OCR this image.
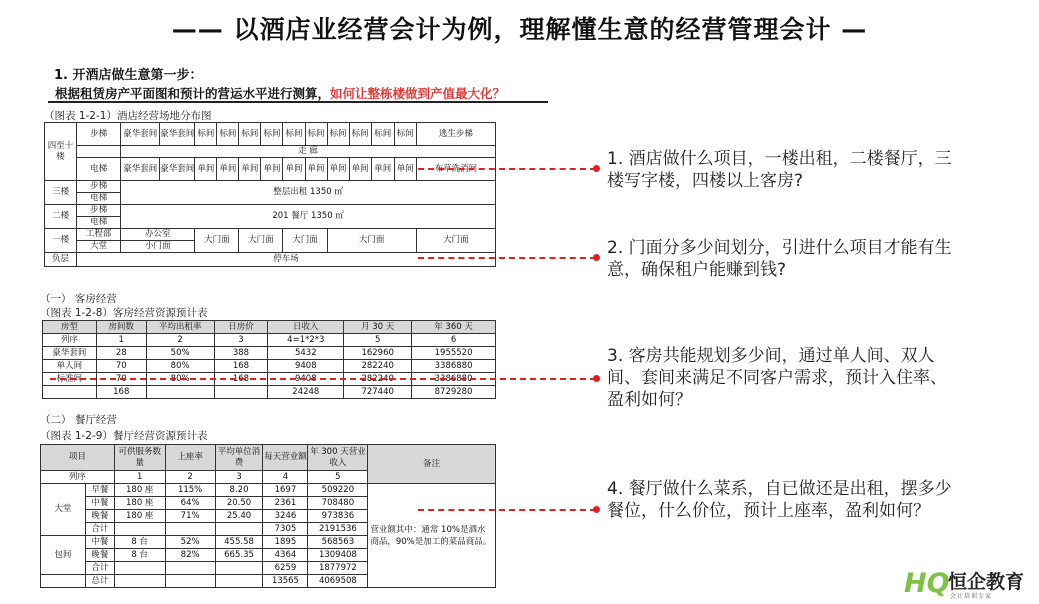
—— 以酒店业经营会计为例，理解懂生意的经营管理会计 —
1. 开酒店做生意第一步：
根据租赁房产平面图和预计的营运水平进行测算，如何让整栋楼做到产值最大化？
（图表 1-2-1）酒店经营场地分布图
四至十楼	步梯	豪华套间	豪华套间	标间	标间	标间	标间	标间	标间	标间	标间	标间	标间	逃生步梯
		走 廊												
	电梯	豪华套间	豪华套间	单间	单间	单间	单间	单间	单间	单间	单间	单间	单间	布草洗消间
三楼	步梯	整层出租 1350 ㎡												
	电梯													
二楼	步梯	201 餐厅 1350 ㎡												
	电梯													
一楼	工程部	办公室		大门面		大门面		大门面		大门面				大门面
	大堂	小门面												
负层	停车场													
（一） 客房经营
（图表 1-2-8）客房经营资源预计表
房型	房间数	平均出租率	日房价	日收入	月 30 天	年 360 天
列序	1	2	3	4=1*2*3	5	6
豪华套间	28	50%	388	5432	162960	1955520
单人间	70	80%	168	9408	282240	3386880
标准间	70	80%	168	9408	282240	3386880
	168			24248	727440	8729280
（二） 餐厅经营
（图表 1-2-9）餐厅经营资源预计表
项目		可供服务数量	上座率	平均单位消费	每天营业额	年 300 天营业收入	备注
列序		1	2	3	4	5	
大堂	早餐	180 座	115%	8.20	1697	509220	营业额其中：通常 10%是酒水商品，90%是加工的菜品商品。
	中餐	180 座	64%	20.50	2361	708480	
	晚餐	180 座	71%	25.40	3246	973836	
	合计				7305	2191536	
包间	中餐	8 台	52%	455.58	1895	568563	
	晚餐	8 台	82%	665.35	4364	1309408	
	合计				6259	1877972	
	总计				13565	4069508	
1. 酒店做什么项目，一楼出租，二楼餐厅，三楼写字楼，四楼以上客房?
2. 门面分多少间划分，引进什么项目才能有生意，确保租户能赚到钱?
3. 客房共能规划多少间，通过单人间、双人间、套间来满足不同客户需求，预计入住率、盈利如何？
4. 餐厅做什么菜系，自已做还是出租，摆多少餐位，什么价位，预计上座率，盈利如何？
HQ
恒企教育
会计培训专家
